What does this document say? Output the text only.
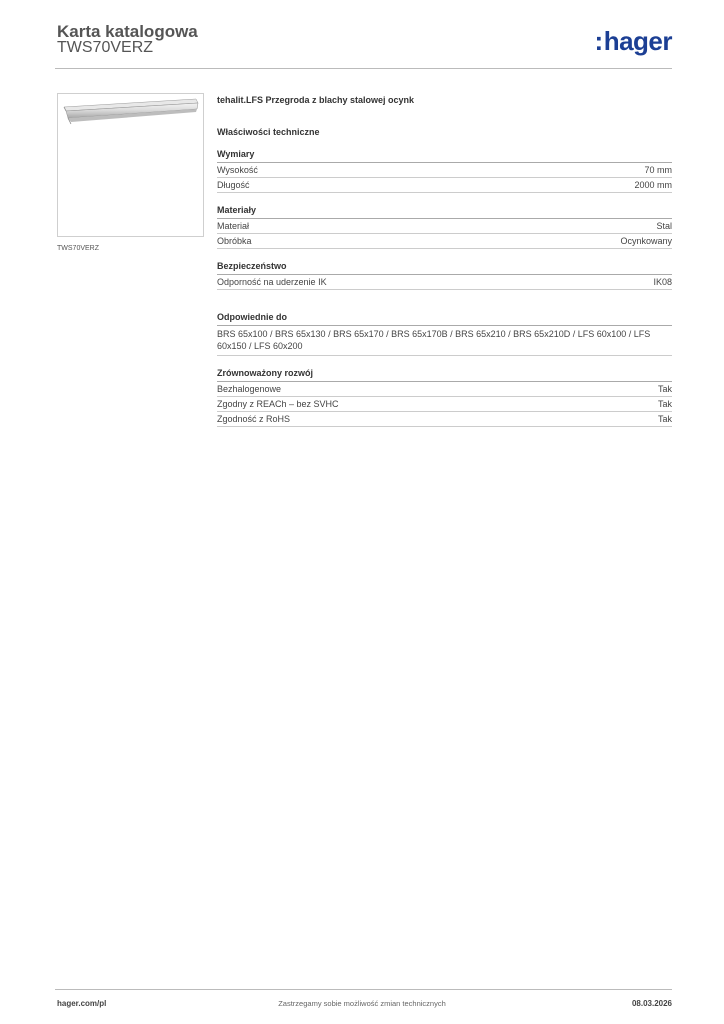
Karta katalogowa
TWS70VERZ	:hager
TWS70VERZ
tehalit.LFS Przegroda z blachy stalowej ocynk
Właściwości techniczne
Wymiary
Wysokość	70 mm
Długość	2000 mm
Materiały
Materiał	Stal
Obróbka	Ocynkowany
Bezpieczeństwo
Odporność na uderzenie IK	IK08
Odpowiednie do
BRS 65x100 / BRS 65x130 / BRS 65x170 / BRS 65x170B / BRS 65x210 / BRS 65x210D / LFS 60x100 / LFS 60x150 / LFS 60x200
Zrównoważony rozwój
Bezhalogenowe	Tak
Zgodny z REACh – bez SVHC	Tak
Zgodność z RoHS	Tak
hager.com/pl	Zastrzegamy sobie możliwość zmian technicznych	08.03.2026
